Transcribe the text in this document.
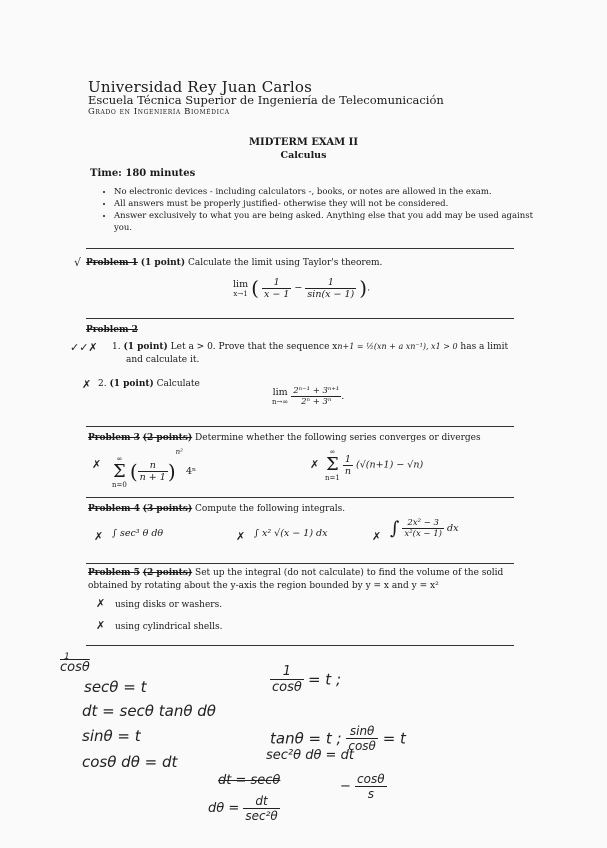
Universidad Rey Juan Carlos
Escuela Técnica Superior de Ingeniería de Telecomunicación
Grado en Ingeniería Biomédica
MIDTERM EXAM II
Calculus
Time: 180 minutes
• No electronic devices - including calculators -, books, or notes are allowed in the exam.
• All answers must be properly justified- otherwise they will not be considered.
• Answer exclusively to what you are being asked. Anything else that you add may be used against you.
√ Problem 1 (1 point) Calculate the limit using Taylor's theorem.
lim
x→1 ( $\frac{1}{x - 1} - \frac{1}{\sin(x - 1)}$ ).
Problem 2
✓✓✗ 1. (1 point) Let a > 0. Prove that the sequence xn+1 = ½(xn + a xn⁻¹), x1 > 0 has a limit
and calculate it.
✗ 2. (1 point) Calculate
lim
n→∞
$\frac{\text{2ⁿ⁻¹ + 3ⁿ⁺¹}}{\text{2ⁿ + 3ⁿ}}$ .
Problem 3 (2 points) Determine whether the following series converges or diverges
✗	∞
Σ
n=0
( $\frac{n}{n + 1} )^{n^2}$ 4ⁿ
✗
∞
Σ
n=1

$\frac{1}{n} (√(n+1) - √n)$
Problem 4 (3 points) Compute the following integrals.
✗ ∫ sec³ θ dθ	✗ ∫ x² √(x − 1) dx	✗ ∫ $\frac{\text{2x² − 3}}{\text{x²(x − 1)}}$ dx
Problem 5 (2 points) Set up the integral (do not calculate) to find the volume of the solid
obtained by rotating about the y-axis the region bounded by y = x and y = x²
✗ using disks or washers.
✗ using cylindrical shells.
1
cosθ
secθ = t
dt = secθ tanθ dθ
sinθ = t
cosθ dθ = dt
$\frac{1}{\cos\theta} = t$ ;
tanθ = t ; $\frac{\sin\theta}{\cos\theta} = t$
sec²θ dθ = dt
dt = secθ
$d\theta = \frac{dt}{\text{sec²θ}}$
− $\frac{\cos\theta}{s}$
